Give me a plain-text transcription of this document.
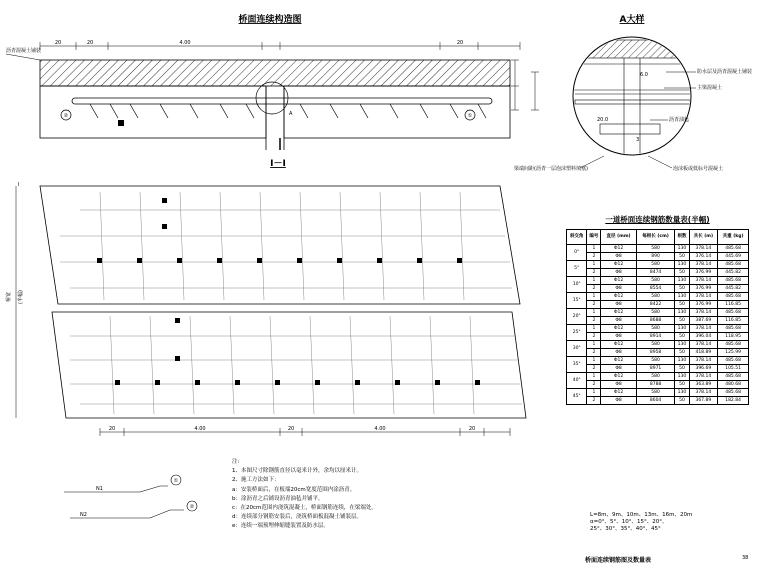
桥面连续构造图
沥青混凝土铺装
20	4.00	20
20
A
②	①
A大样
6.0
20.0
3
防水层及沥青混凝土铺装
主梁混凝土
沥青油毡
泡沫板或低标号混凝土
梁端间距(沥青一层泡沫塑料填塞)
I－I
I
桥宽 (半幅)
20	4.00	20	4.00	20
①
N1
②
N2
一道桥面连续钢筋数量表(半幅)
斜交角	编号	直径 (mm)	每根长 (cm)	根数	共长 (m)	共重 (kg)
0°	1	Φ12	580	130	378.14	485.68
	2	Φ8	890	50	376.14	445.69
5°	1	Φ12	580	130	378.14	485.68
	2	Φ8	8474	50	376.99	445.82
10°	1	Φ12	580	130	378.14	485.68
	2	Φ8	8554	50	376.99	445.82
15°	1	Φ12	580	130	378.14	485.68
	2	Φ8	8422	50	376.99	116.85
20°	1	Φ12	580	130	378.14	485.68
	2	Φ8	8688	50	387.69	116.85
25°	1	Φ12	580	130	378.14	485.68
	2	Φ8	8914	50	396.04	118.95
30°	1	Φ12	580	130	378.14	485.68
	2	Φ8	8958	50	418.89	125.99
35°	1	Φ12	580	130	378.14	485.68
	2	Φ8	8971	50	396.69	105.51
40°	1	Φ12	580	130	378.14	485.68
	2	Φ8	8788	50	363.89	480.68
45°	1	Φ12	580	130	378.14	485.68
	2	Φ8	8604	50	367.89	182.84
注:
1、本图尺寸除钢筋直径以毫米计外，余均以厘米计。
2、施工方法如下：
a：安装桥面后，在板端20cm宽度范围内涂沥青。
b：涂沥青之后铺设沥青油毡并铺平。
c：在20cm范围内浇筑混凝土，桥面钢筋连续，在梁端处。
d：连续部分钢筋安装后，浇筑桥面板混凝土铺装层。
e：连续一端预埋伸缩缝装置及防水层。
L=8m、9m、10m、13m、16m、20m
α=0°、5°、10°、15°、20°、
25°、30°、35°、40°、45°
桥面连续钢筋图及数量表	38
